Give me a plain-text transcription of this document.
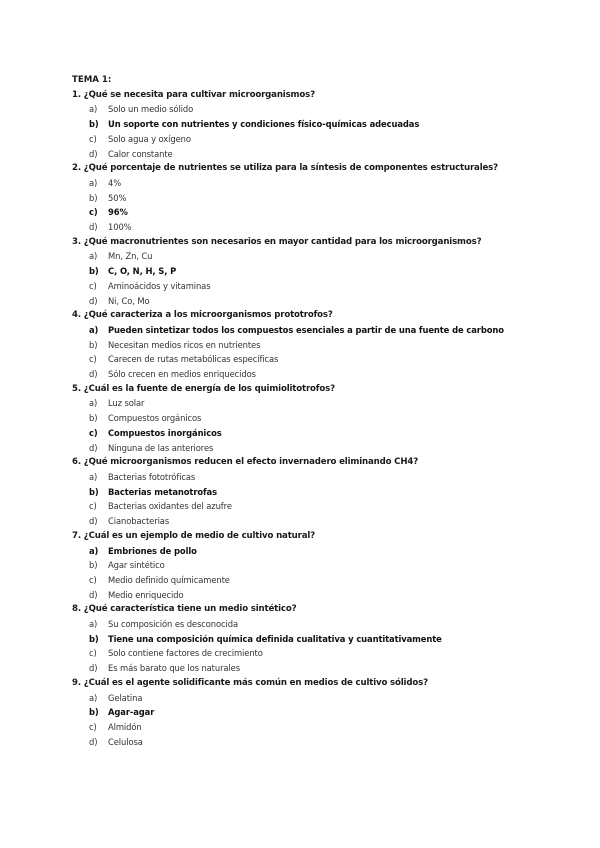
TEMA 1:
1. ¿Qué se necesita para cultivar microorganismos?
a)	Solo un medio sólido
b)	Un soporte con nutrientes y condiciones físico-químicas adecuadas
c)	Solo agua y oxígeno
d)	Calor constante
2. ¿Qué porcentaje de nutrientes se utiliza para la síntesis de componentes estructurales?
a)	4%
b)	50%
c)	96%
d)	100%
3. ¿Qué macronutrientes son necesarios en mayor cantidad para los microorganismos?
a)	Mn, Zn, Cu
b)	C, O, N, H, S, P
c)	Aminoácidos y vitaminas
d)	Ni, Co, Mo
4. ¿Qué caracteriza a los microorganismos prototrofos?
a)	Pueden sintetizar todos los compuestos esenciales a partir de una fuente de carbono
b)	Necesitan medios ricos en nutrientes
c)	Carecen de rutas metabólicas específicas
d)	Sólo crecen en medios enriquecidos
5. ¿Cuál es la fuente de energía de los quimiolitotrofos?
a)	Luz solar
b)	Compuestos orgánicos
c)	Compuestos inorgánicos
d)	Ninguna de las anteriores
6. ¿Qué microorganismos reducen el efecto invernadero eliminando CH4?
a)	Bacterias fototróficas
b)	Bacterias metanotrofas
c)	Bacterias oxidantes del azufre
d)	Cianobacterias
7. ¿Cuál es un ejemplo de medio de cultivo natural?
a)	Embriones de pollo
b)	Agar sintético
c)	Medio definido químicamente
d)	Medio enriquecido
8. ¿Qué característica tiene un medio sintético?
a)	Su composición es desconocida
b)	Tiene una composición química definida cualitativa y cuantitativamente
c)	Solo contiene factores de crecimiento
d)	Es más barato que los naturales
9. ¿Cuál es el agente solidificante más común en medios de cultivo sólidos?
a)	Gelatina
b)	Agar-agar
c)	Almidón
d)	Celulosa
